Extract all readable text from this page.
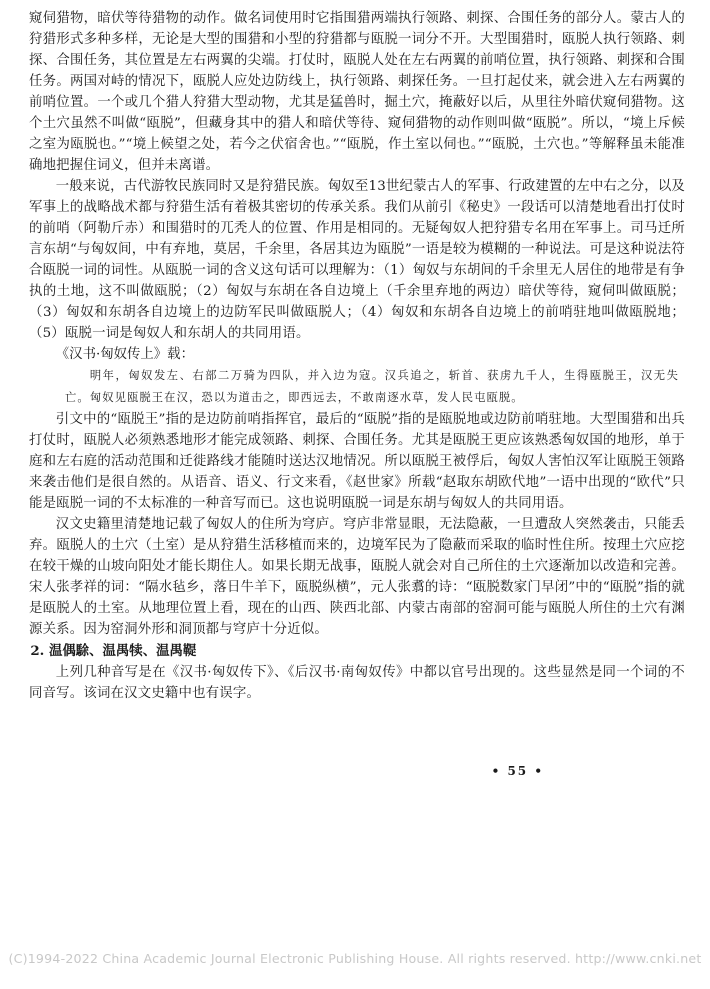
窥伺猎物，暗伏等待猎物的动作。做名词使用时它指围猎两端执行领路、刺探、合围任务的部分人。蒙古人的狩猎形式多种多样，无论是大型的围猎和小型的狩猎都与瓯脱一词分不开。大型围猎时，瓯脱人执行领路、刺探、合围任务，其位置是左右两翼的尖端。打仗时，瓯脱人处在左右两翼的前哨位置，执行领路、刺探和合围任务。两国对峙的情况下，瓯脱人应处边防线上，执行领路、刺探任务。一旦打起仗来，就会进入左右两翼的前哨位置。一个或几个猎人狩猎大型动物，尤其是猛兽时，掘土穴，掩蔽好以后，从里往外暗伏窥伺猎物。这个土穴虽然不叫做“瓯脱”，但藏身其中的猎人和暗伏等待、窥伺猎物的动作则叫做“瓯脱”。所以，“境上斥候之室为瓯脱也。”“境上候望之处，若今之伏宿舍也。”“瓯脱，作土室以伺也。”“瓯脱，土穴也。”等解释虽未能准确地把握住词义，但并未离谱。

一般来说，古代游牧民族同时又是狩猎民族。匈奴至13世纪蒙古人的军事、行政建置的左中右之分，以及军事上的战略战术都与狩猎生活有着极其密切的传承关系。我们从前引《秘史》一段话可以清楚地看出打仗时的前哨（阿勒斤赤）和围猎时的兀秃人的位置、作用是相同的。无疑匈奴人把狩猎专名用在军事上。司马迁所言东胡“与匈奴间，中有弃地，莫居，千余里，各居其边为瓯脱”一语是较为模糊的一种说法。可是这种说法符合瓯脱一词的词性。从瓯脱一词的含义这句话可以理解为：（1）匈奴与东胡间的千余里无人居住的地带是有争执的土地，这不叫做瓯脱；（2）匈奴与东胡在各自边境上（千余里弃地的两边）暗伏等待，窥伺叫做瓯脱；（3）匈奴和东胡各自边境上的边防军民叫做瓯脱人；（4）匈奴和东胡各自边境上的前哨驻地叫做瓯脱地；（5）瓯脱一词是匈奴人和东胡人的共同用语。

《汉书·匈奴传上》载：

明年，匈奴发左、右部二万骑为四队，并入边为寇。汉兵追之，斩首、获虏九千人，生得瓯脱王，汉无失亡。匈奴见瓯脱王在汉，恐以为道击之，即西远去，不敢南逐水草，发人民屯瓯脱。

引文中的“瓯脱王”指的是边防前哨指挥官，最后的“瓯脱”指的是瓯脱地或边防前哨驻地。大型围猎和出兵打仗时，瓯脱人必须熟悉地形才能完成领路、刺探、合围任务。尤其是瓯脱王更应该熟悉匈奴国的地形，单于庭和左右庭的活动范围和迁徙路线才能随时送达汉地情况。所以瓯脱王被俘后，匈奴人害怕汉军让瓯脱王领路来袭击他们是很自然的。从语音、语义、行文来看，《赵世家》所载“赵取东胡欧代地”一语中出现的“欧代”只能是瓯脱一词的不太标准的一种音写而已。这也说明瓯脱一词是东胡与匈奴人的共同用语。

汉文史籍里清楚地记载了匈奴人的住所为穹庐。穹庐非常显眼，无法隐蔽，一旦遭敌人突然袭击，只能丢弃。瓯脱人的土穴（土室）是从狩猎生活移植而来的，边境军民为了隐蔽而采取的临时性住所。按理土穴应挖在较干燥的山坡向阳处才能长期住人。如果长期无战事，瓯脱人就会对自己所住的土穴逐渐加以改造和完善。宋人张孝祥的词：“隔水毡乡，落日牛羊下，瓯脱纵横”，元人张翥的诗：“瓯脱数家门早闭”中的“瓯脱”指的就是瓯脱人的土室。从地理位置上看，现在的山西、陕西北部、内蒙古南部的窑洞可能与瓯脱人所住的土穴有渊源关系。因为窑洞外形和洞顶都与穹庐十分近似。

2. 温偶駼、温禺犊、温禺鞮

上列几种音写是在《汉书·匈奴传下》、《后汉书·南匈奴传》中都以官号出现的。这些显然是同一个词的不同音写。该词在汉文史籍中也有误字。

• 55 •
(C)1994-2022 China Academic Journal Electronic Publishing House. All rights reserved. http://www.cnki.net
